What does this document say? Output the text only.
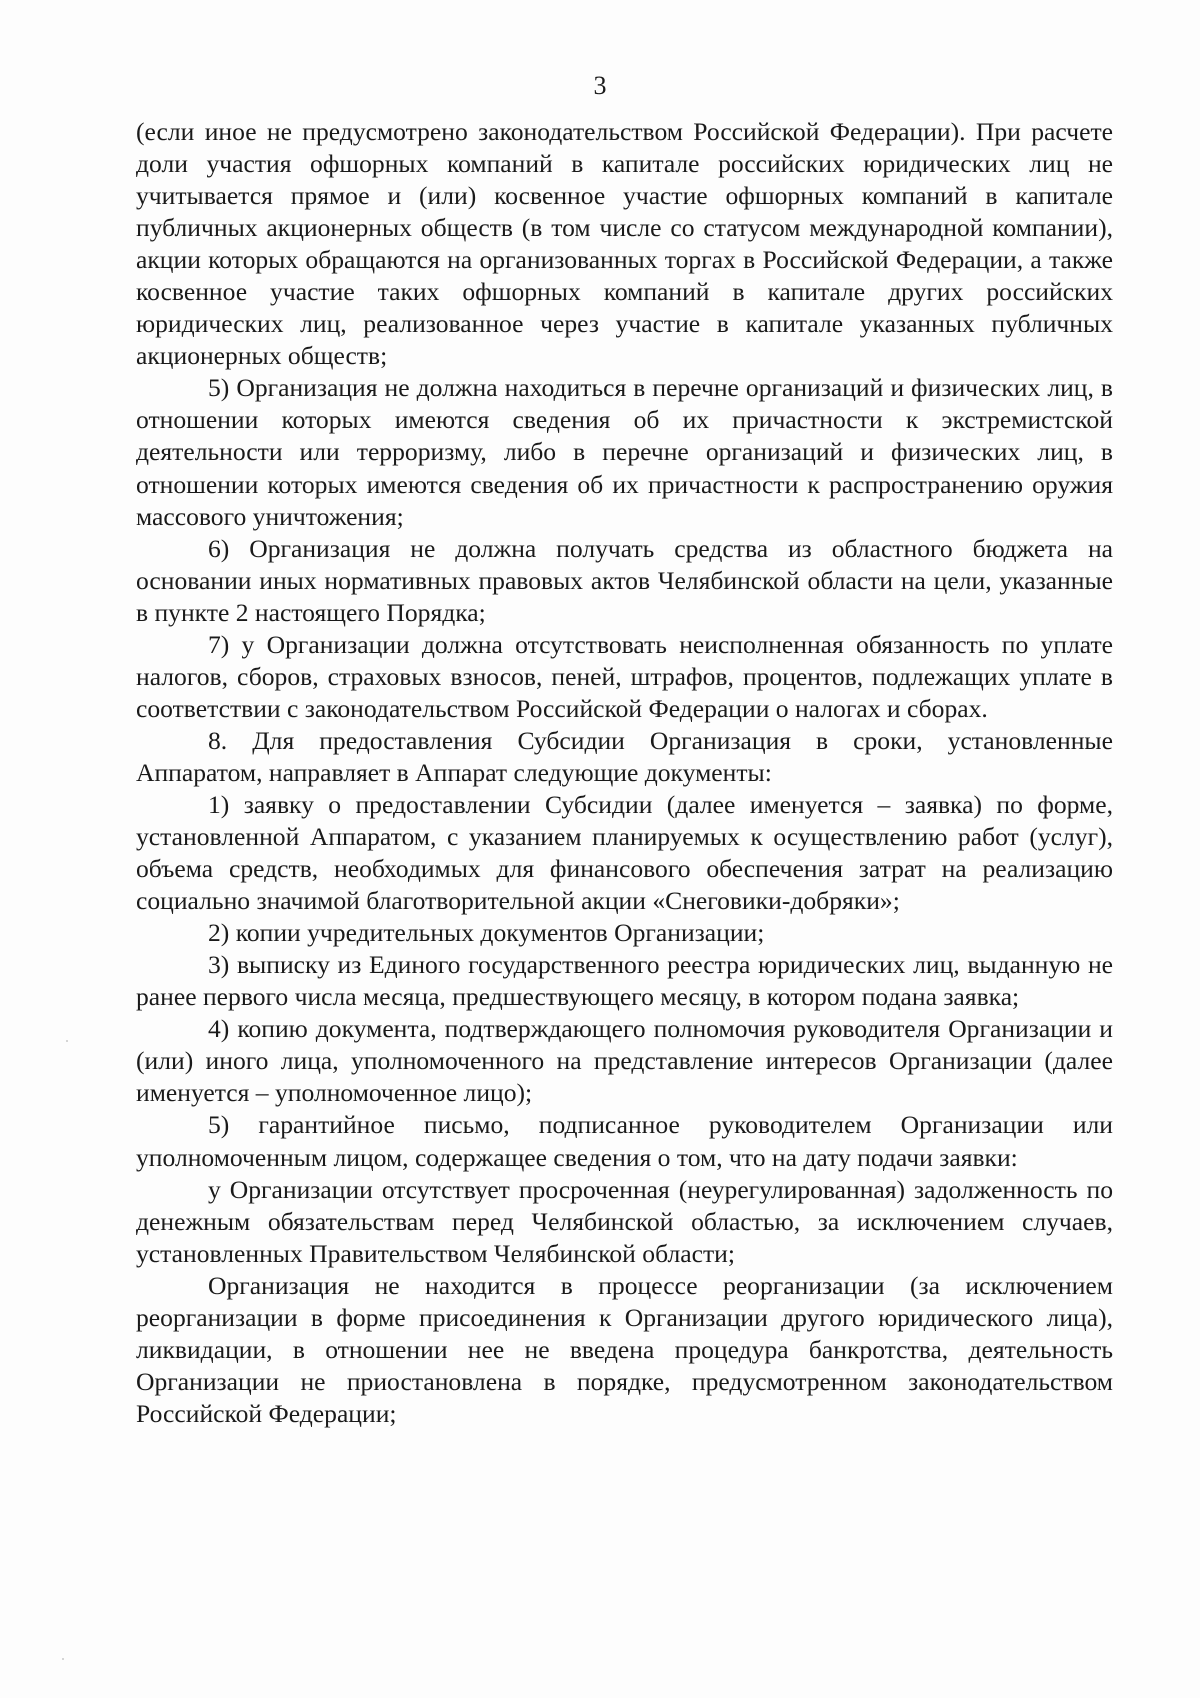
3

(если иное не предусмотрено законодательством Российской Федерации). При расчете доли участия офшорных компаний в капитале российских юридических лиц не учитывается прямое и (или) косвенное участие офшорных компаний в капитале публичных акционерных обществ (в том числе со статусом международной компании), акции которых обращаются на организованных торгах в Российской Федерации, а также косвенное участие таких офшорных компаний в капитале других российских юридических лиц, реализованное через участие в капитале указанных публичных акционерных обществ;

5) Организация не должна находиться в перечне организаций и физических лиц, в отношении которых имеются сведения об их причастности к экстремистской деятельности или терроризму, либо в перечне организаций и физических лиц, в отношении которых имеются сведения об их причастности к распространению оружия массового уничтожения;

6) Организация не должна получать средства из областного бюджета на основании иных нормативных правовых актов Челябинской области на цели, указанные в пункте 2 настоящего Порядка;

7) у Организации должна отсутствовать неисполненная обязанность по уплате налогов, сборов, страховых взносов, пеней, штрафов, процентов, подлежащих уплате в соответствии с законодательством Российской Федерации о налогах и сборах.

8. Для предоставления Субсидии Организация в сроки, установленные Аппаратом, направляет в Аппарат следующие документы:

1) заявку о предоставлении Субсидии (далее именуется – заявка) по форме, установленной Аппаратом, с указанием планируемых к осуществлению работ (услуг), объема средств, необходимых для финансового обеспечения затрат на реализацию социально значимой благотворительной акции «Снеговики-добряки»;

2) копии учредительных документов Организации;

3) выписку из Единого государственного реестра юридических лиц, выданную не ранее первого числа месяца, предшествующего месяцу, в котором подана заявка;

4) копию документа, подтверждающего полномочия руководителя Организации и (или) иного лица, уполномоченного на представление интересов Организации (далее именуется – уполномоченное лицо);

5) гарантийное письмо, подписанное руководителем Организации или уполномоченным лицом, содержащее сведения о том, что на дату подачи заявки:

у Организации отсутствует просроченная (неурегулированная) задолженность по денежным обязательствам перед Челябинской областью, за исключением случаев, установленных Правительством Челябинской области;

Организация не находится в процессе реорганизации (за исключением реорганизации в форме присоединения к Организации другого юридического лица), ликвидации, в отношении нее не введена процедура банкротства, деятельность Организации не приостановлена в порядке, предусмотренном законодательством Российской Федерации;
